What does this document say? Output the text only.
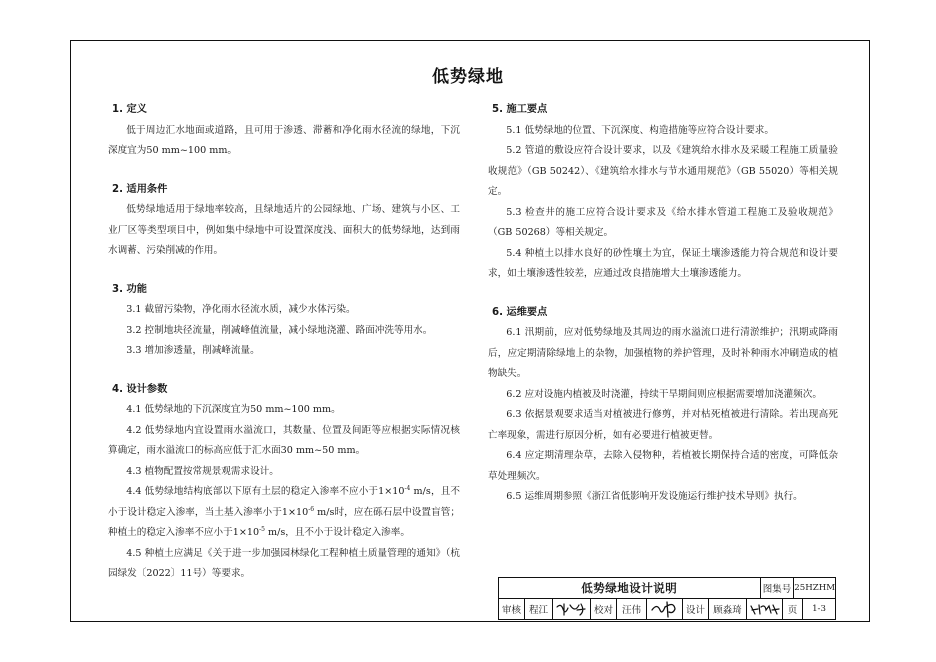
低势绿地

1. 定义

低于周边汇水地面或道路，且可用于渗透、滞蓄和净化雨水径流的绿地，下沉深度宜为50 mm~100 mm。

2. 适用条件

低势绿地适用于绿地率较高，且绿地适片的公园绿地、广场、建筑与小区、工业厂区等类型项目中，例如集中绿地中可设置深度浅、面积大的低势绿地，达到雨水调蓄、污染削减的作用。

3. 功能

3.1 截留污染物，净化雨水径流水质，减少水体污染。

3.2 控制地块径流量，削减峰值流量，减小绿地浇灌、路面冲洗等用水。

3.3 增加渗透量，削减峰流量。

4. 设计参数

4.1 低势绿地的下沉深度宜为50 mm~100 mm。

4.2 低势绿地内宜设置雨水溢流口，其数量、位置及间距等应根据实际情况核算确定，雨水溢流口的标高应低于汇水面30 mm~50 mm。

4.3 植物配置按常规景观需求设计。

4.4 低势绿地结构底部以下原有土层的稳定入渗率不应小于$1\times 10^{-4}$ m/s，且不小于设计稳定入渗率，当土基入渗率小于$1\times 10^{-6}$ m/s时，应在砾石层中设置盲管；种植土的稳定入渗率不应小于$1\times 10^{-5}$ m/s，且不小于设计稳定入渗率。

4.5 种植土应满足《关于进一步加强园林绿化工程种植土质量管理的通知》（杭园绿发〔2022〕11号）等要求。

5. 施工要点

5.1 低势绿地的位置、下沉深度、构造措施等应符合设计要求。

5.2 管道的敷设应符合设计要求，以及《建筑给水排水及采暖工程施工质量验收规范》（GB 50242）、《建筑给水排水与节水通用规范》（GB 55020）等相关规定。

5.3 检查井的施工应符合设计要求及《给水排水管道工程施工及验收规范》（GB 50268）等相关规定。

5.4 种植土以排水良好的砂性壤土为宜，保证土壤渗透能力符合规范和设计要求，如土壤渗透性较差，应通过改良措施增大土壤渗透能力。

6. 运维要点

6.1 汛期前，应对低势绿地及其周边的雨水溢流口进行清淤维护；汛期或降雨后，应定期清除绿地上的杂物，加强植物的养护管理，及时补种雨水冲刷造成的植物缺失。

6.2 应对设施内植被及时浇灌，持续干旱期间则应根据需要增加浇灌频次。

6.3 依据景观要求适当对植被进行修剪，并对枯死植被进行清除。若出现高死亡率现象，需进行原因分析，如有必要进行植被更替。

6.4 应定期清理杂草，去除入侵物种，若植被长期保持合适的密度，可降低杂草处理频次。

6.5 运维周期参照《浙江省低影响开发设施运行维护技术导则》执行。

低势绿地设计说明	图集号 25HZHM
审核 程江	校对 汪伟	设计 顾淼琦	页	1-3
